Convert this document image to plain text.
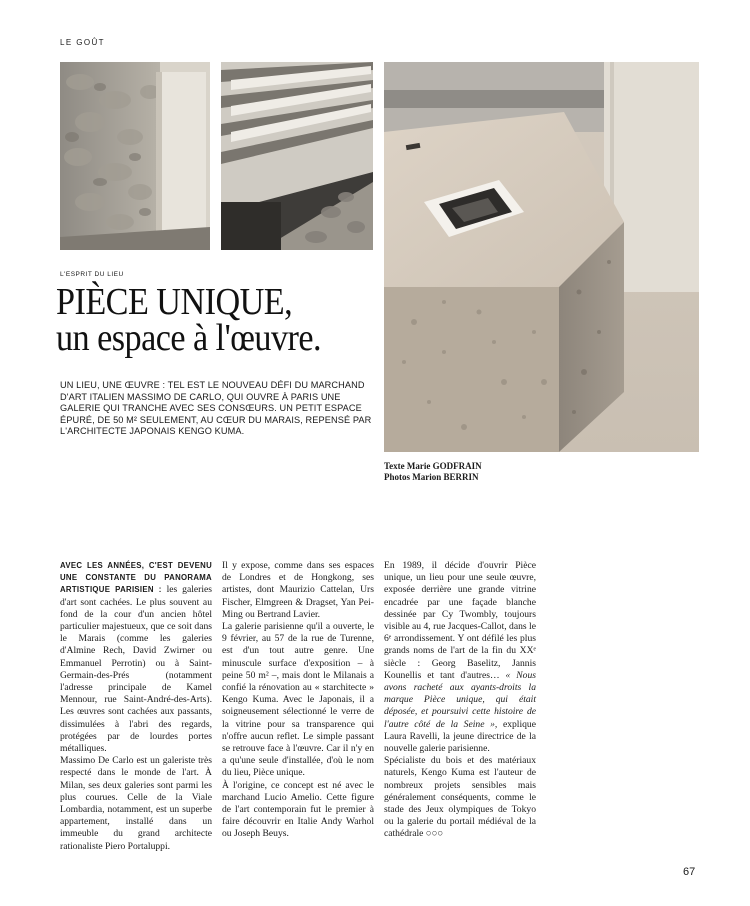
LE GOÛT
L'ESPRIT DU LIEU
PIÈCE UNIQUE,
un espace à l'œuvre.

UN LIEU, UNE ŒUVRE : TEL EST LE NOUVEAU DÉFI DU MARCHAND D'ART ITALIEN MASSIMO DE CARLO, QUI OUVRE À PARIS UNE GALERIE QUI TRANCHE AVEC SES CONSŒURS. UN PETIT ESPACE ÉPURÉ, DE 50 M² SEULEMENT, AU CŒUR DU MARAIS, REPENSÉ PAR L'ARCHITECTE JAPONAIS KENGO KUMA.

Texte Marie GODFRAIN
Photos Marion BERRIN

AVEC LES ANNÉES, C'EST DEVENU UNE CONSTANTE DU PANORAMA ARTISTIQUE PARISIEN : les galeries d'art sont cachées. Le plus souvent au fond de la cour d'un ancien hôtel particulier majestueux, que ce soit dans le Marais (comme les galeries d'Almine Rech, David Zwirner ou Emmanuel Perrotin) ou à Saint-Germain-des-Prés (notamment l'adresse principale de Kamel Mennour, rue Saint-André-des-Arts). Les œuvres sont cachées aux passants, dissimulées à l'abri des regards, protégées par de lourdes portes métalliques.

Massimo De Carlo est un galeriste très respecté dans le monde de l'art. À Milan, ses deux galeries sont parmi les plus courues. Celle de la Viale Lombardia, notamment, est un superbe appartement, installé dans un immeuble du grand architecte rationaliste Piero Portaluppi.

Il y expose, comme dans ses espaces de Londres et de Hongkong, ses artistes, dont Maurizio Cattelan, Urs Fischer, Elmgreen & Dragset, Yan Pei-Ming ou Bertrand Lavier.

La galerie parisienne qu'il a ouverte, le 9 février, au 57 de la rue de Turenne, est d'un tout autre genre. Une minuscule surface d'exposition – à peine 50 m² –, mais dont le Milanais a confié la rénovation au « starchitecte » Kengo Kuma. Avec le Japonais, il a soigneusement sélectionné le verre de la vitrine pour sa transparence qui n'offre aucun reflet. Le simple passant se retrouve face à l'œuvre. Car il n'y en a qu'une seule d'installée, d'où le nom du lieu, Pièce unique.

À l'origine, ce concept est né avec le marchand Lucio Amelio. Cette figure de l'art contemporain fut le premier à faire découvrir en Italie Andy Warhol ou Joseph Beuys.

En 1989, il décide d'ouvrir Pièce unique, un lieu pour une seule œuvre, exposée derrière une grande vitrine encadrée par une façade blanche dessinée par Cy Twombly, toujours visible au 4, rue Jacques-Callot, dans le 6ᵉ arrondissement. Y ont défilé les plus grands noms de l'art de la fin du XXᵉ siècle : Georg Baselitz, Jannis Kounellis et tant d'autres… « Nous avons racheté aux ayants-droits la marque Pièce unique, qui était déposée, et poursuivi cette histoire de l'autre côté de la Seine », explique Laura Ravelli, la jeune directrice de la nouvelle galerie parisienne.

Spécialiste du bois et des matériaux naturels, Kengo Kuma est l'auteur de nombreux projets sensibles mais généralement conséquents, comme le stade des Jeux olympiques de Tokyo ou la galerie du portail médiéval de la cathédrale ○○○

67
